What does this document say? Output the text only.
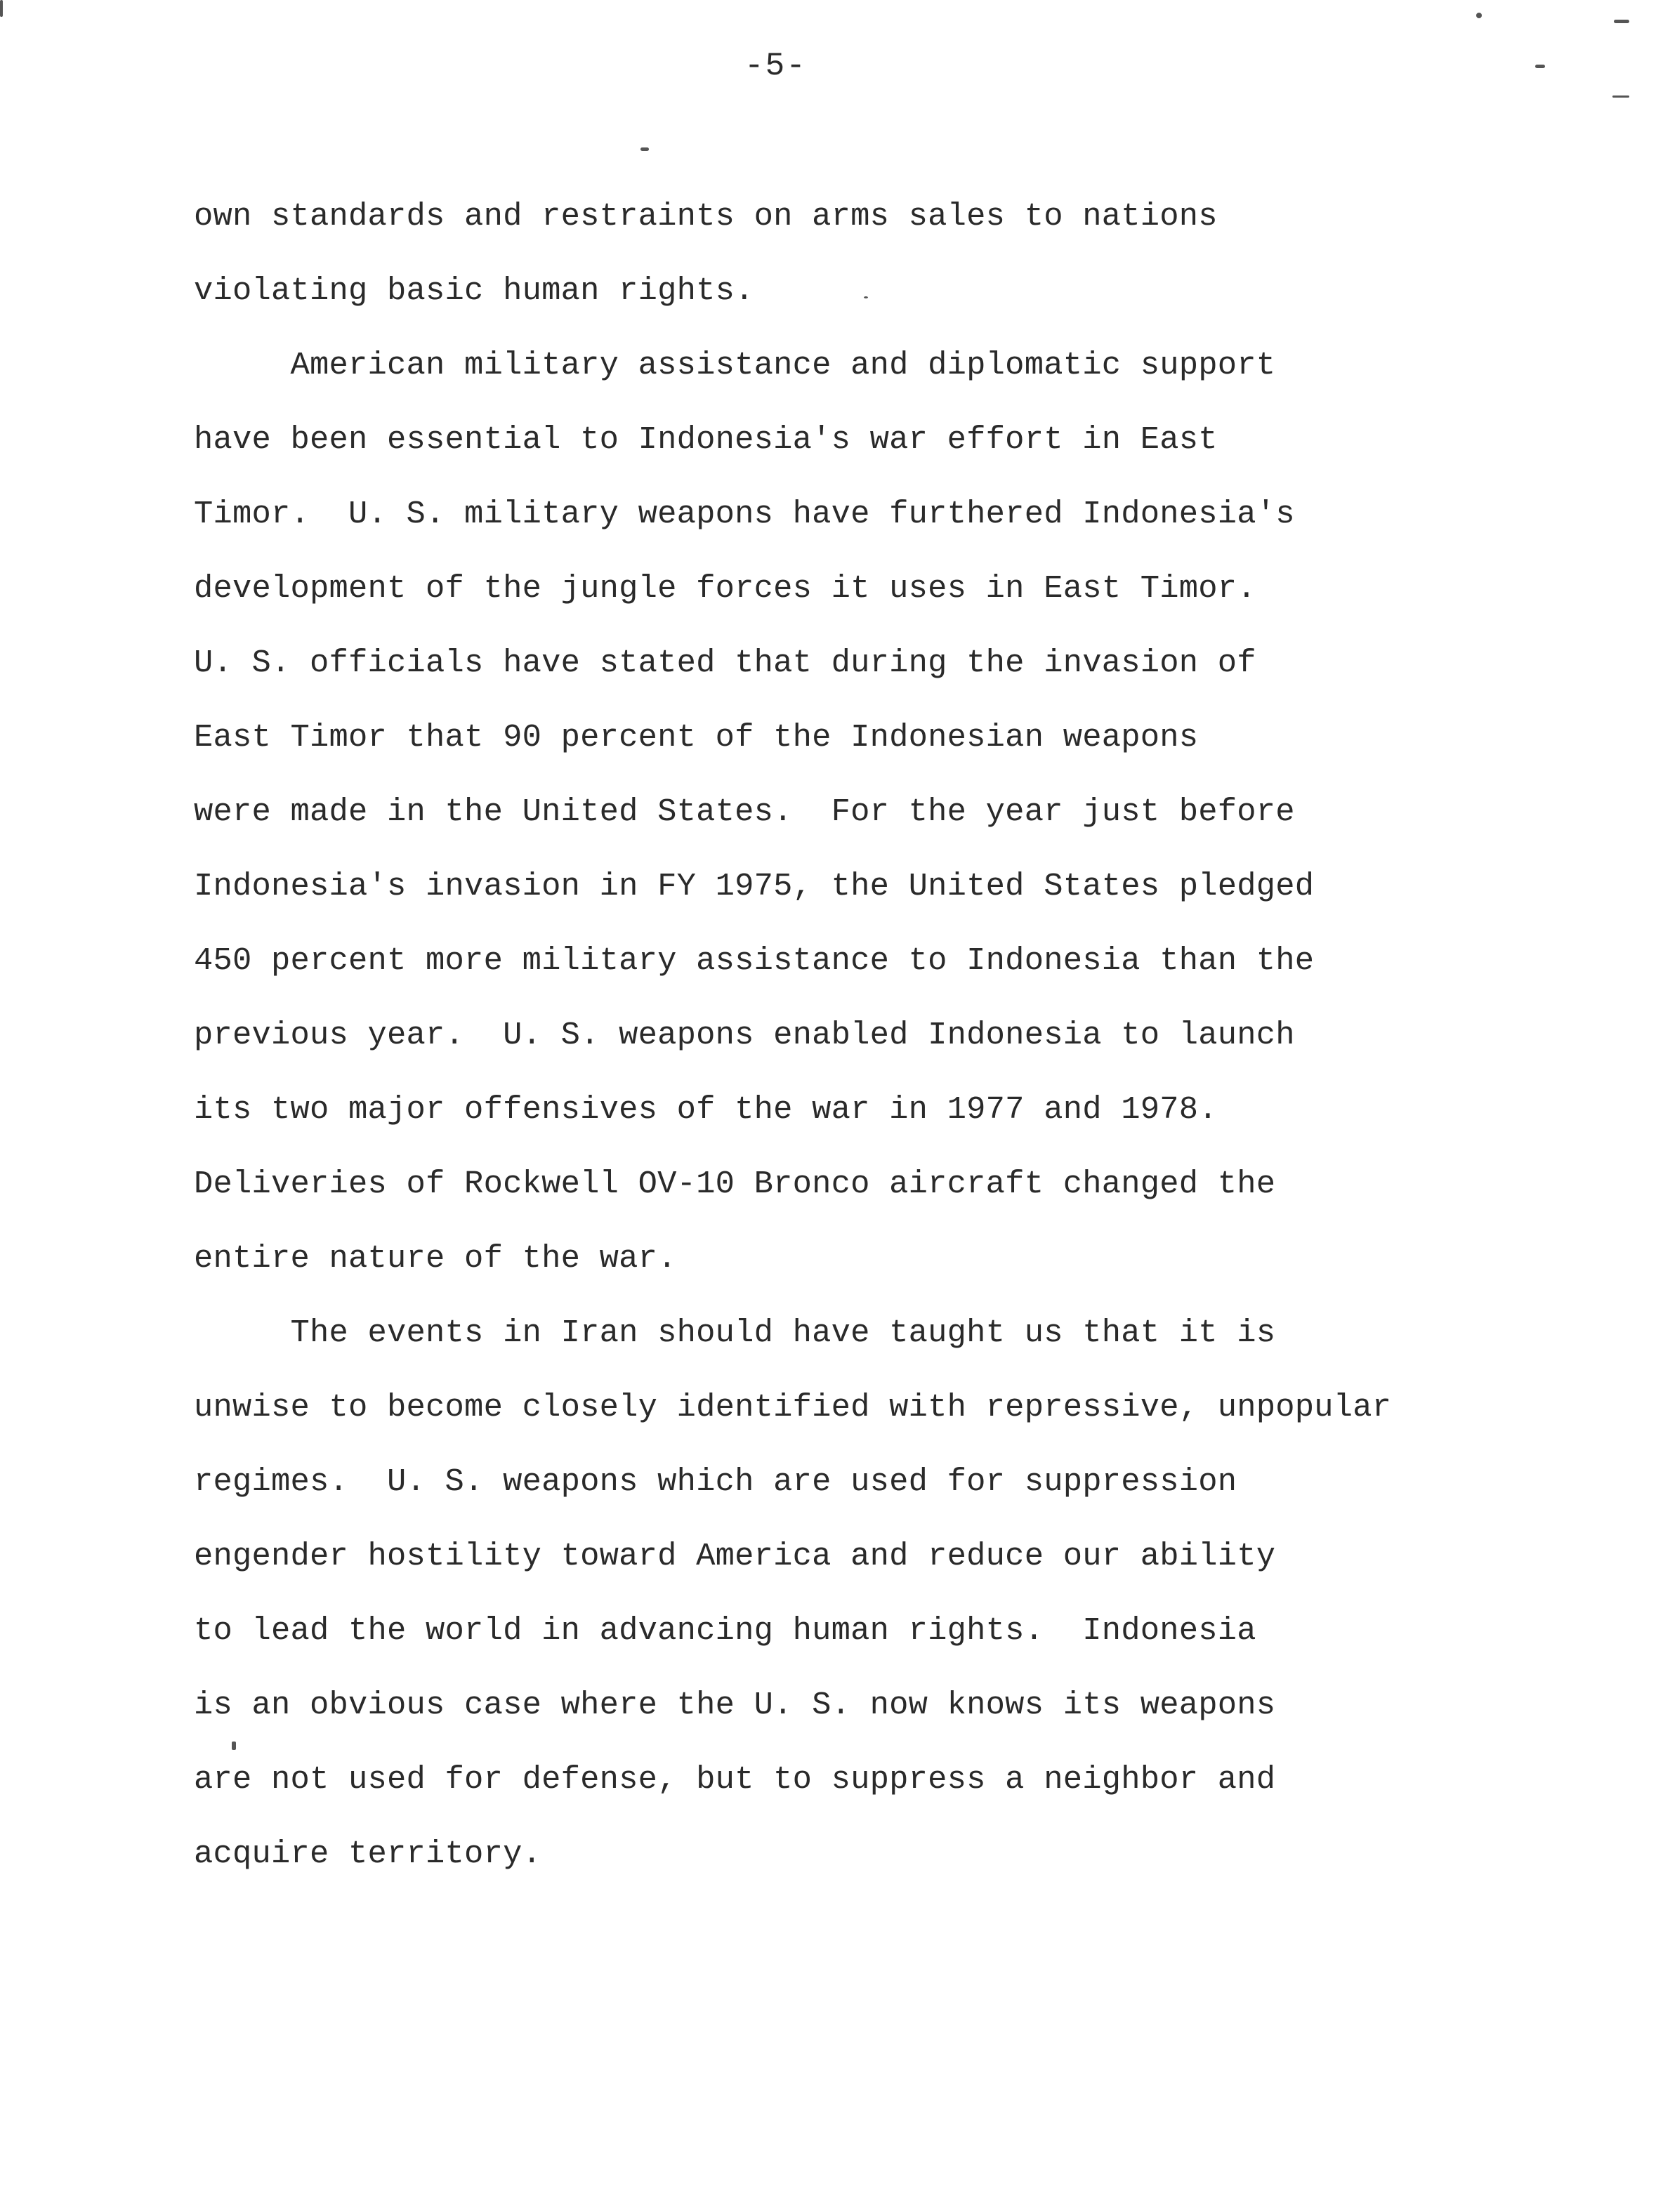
-5-
own standards and restraints on arms sales to nations
violating basic human rights.
American military assistance and diplomatic support
have been essential to Indonesia's war effort in East
Timor.  U. S. military weapons have furthered Indonesia's
development of the jungle forces it uses in East Timor.
U. S. officials have stated that during the invasion of
East Timor that 90 percent of the Indonesian weapons
were made in the United States.  For the year just before
Indonesia's invasion in FY 1975, the United States pledged
450 percent more military assistance to Indonesia than the
previous year.  U. S. weapons enabled Indonesia to launch
its two major offensives of the war in 1977 and 1978.
Deliveries of Rockwell OV-10 Bronco aircraft changed the
entire nature of the war.
The events in Iran should have taught us that it is
unwise to become closely identified with repressive, unpopular
regimes.  U. S. weapons which are used for suppression
engender hostility toward America and reduce our ability
to lead the world in advancing human rights.  Indonesia
is an obvious case where the U. S. now knows its weapons
are not used for defense, but to suppress a neighbor and
acquire territory.
